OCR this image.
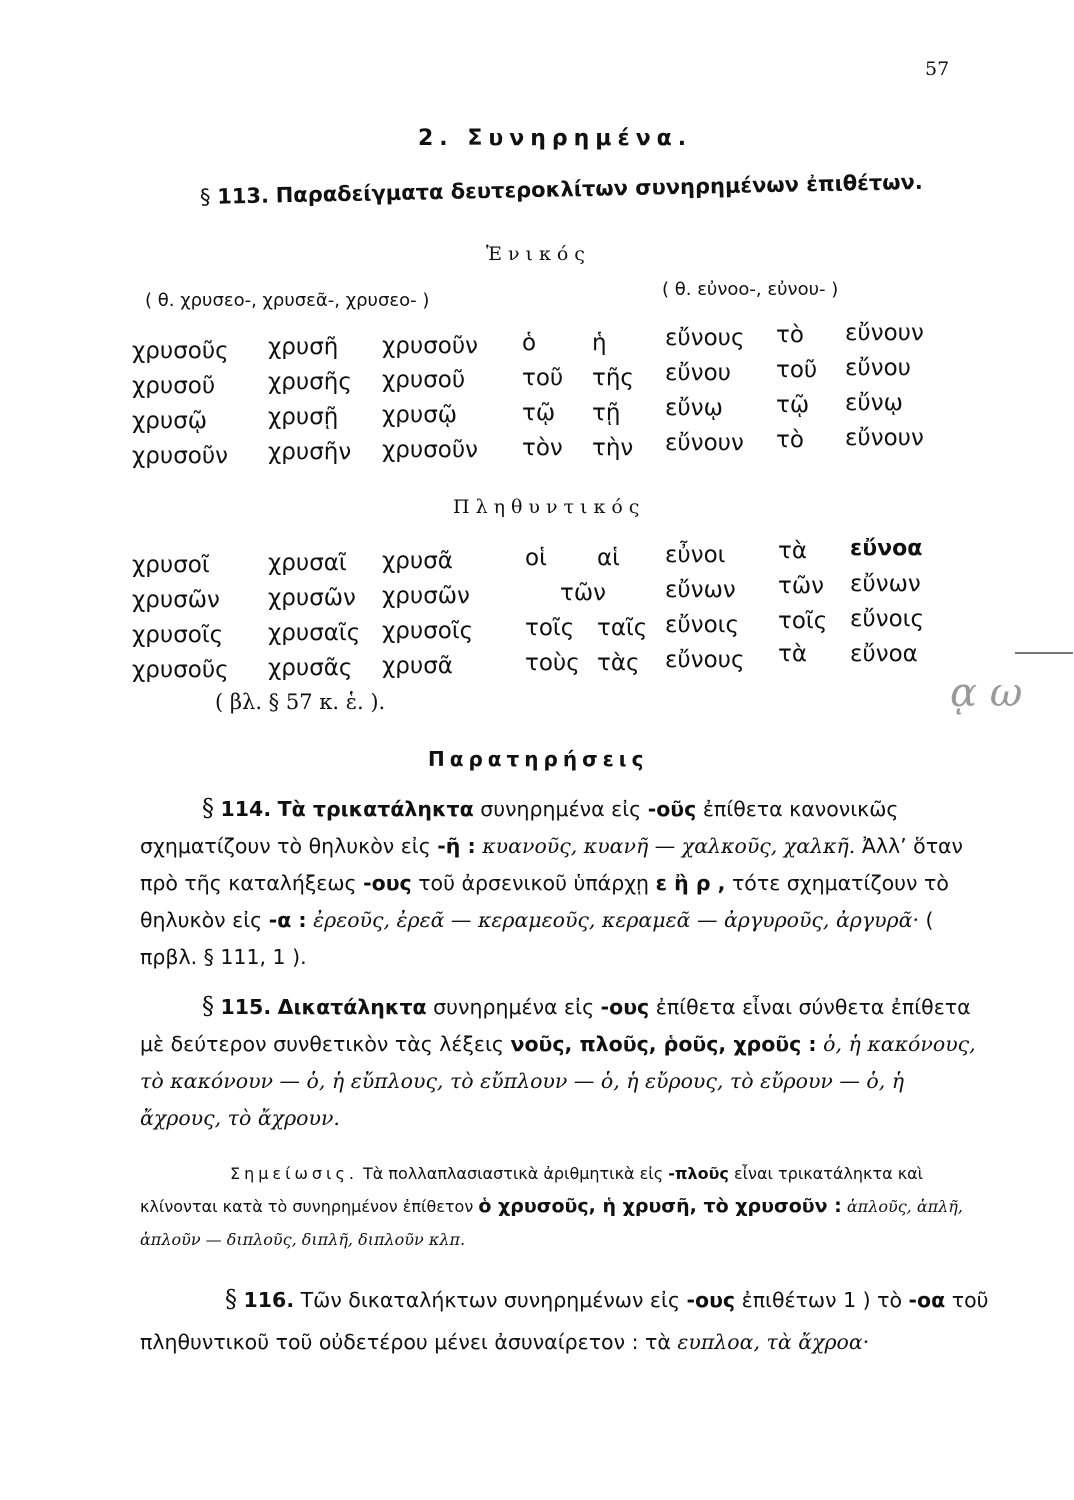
57
2. Συνηρημένα.
§ 113. Παραδείγματα δευτεροκλίτων συνηρημένων ἐπιθέτων.
Ἑνικός
( θ. χρυσεο-, χρυσεᾶ-, χρυσεο- )
( θ. εὐνοο-, εὐνου- )
χρυσοῦς χρυσῆ χρυσοῦν ὁ ἡ	εὔνους τὸ εὔνουν
χρυσοῦ χρυσῆς χρυσοῦ τοῦ τῆς εὔνου τοῦ εὔνου
χρυσῷ	χρυσῇ χρυσῷ	τῷ τῇ εὔνῳ τῷ εὔνῳ
χρυσοῦν χρυσῆν χρυσοῦν τὸν τὴν εὔνουν τὸ εὔνουν
Πληθυντικός
χρυσοῖ	χρυσαῖ χρυσᾶ	οἱ αἱ εὖνοι τὰ εὔνοα
χρυσῶν χρυσῶν χρυσῶν	τῶν	εὔνων τῶν εὔνων
χρυσοῖς χρυσαῖς χρυσοῖς τοῖς ταῖς εὔνοις τοῖς εὔνοις
χρυσοῦς χρυσᾶς χρυσᾶ	τοὺς τὰς εὔνους τὰ εὔνοα
( βλ. § 57 κ. ἑ. ).	ᾳ ω
Παρατηρήσεις
§ 114. Τὰ τρικατάληκτα συνηρημένα εἰς -οῦς ἐπίθετα κανονικῶς σχηματίζουν τὸ θηλυκὸν εἰς -ῆ : κυανοῦς, κυανῆ — χαλκοῦς, χαλκῆ. Ἀλλ’ ὅταν πρὸ τῆς καταλήξεως -ους τοῦ ἀρσενικοῦ ὑπάρχῃ ε ἢ ρ , τότε σχηματίζουν τὸ θηλυκὸν εἰς -α : ἐρεοῦς, ἐρεᾶ — κεραμεοῦς, κεραμεᾶ — ἀργυροῦς, ἀργυρᾶ· ( πρβλ. § 111, 1 ).
§ 115. Δικατάληκτα συνηρημένα εἰς -ους ἐπίθετα εἶναι σύνθετα ἐπίθετα μὲ δεύτερον συνθετικὸν τὰς λέξεις νοῦς, πλοῦς, ῥοῦς, χροῦς : ὁ, ἡ κακόνους, τὸ κακόνουν — ὁ, ἡ εὔπλους, τὸ εὔπλουν — ὁ, ἡ εὔρους, τὸ εὔρουν — ὁ, ἡ ἄχρους, τὸ ἄχρουν.
Σημείωσις. Τὰ πολλαπλασιαστικὰ ἀριθμητικὰ εἰς -πλοῦς εἶναι τρικατάληκτα καὶ κλίνονται κατὰ τὸ συνηρημένον ἐπίθετον ὁ χρυσοῦς, ἡ χρυσῆ, τὸ χρυσοῦν : ἁπλοῦς, ἁπλῆ, ἁπλοῦν — διπλοῦς, διπλῆ, διπλοῦν κλπ.
§ 116. Τῶν δικαταλήκτων συνηρημένων εἰς -ους ἐπιθέτων 1 ) τὸ -οα τοῦ πληθυντικοῦ τοῦ οὐδετέρου μένει ἀσυναίρετον : τὰ ευπλοα, τὰ ἄχροα·
